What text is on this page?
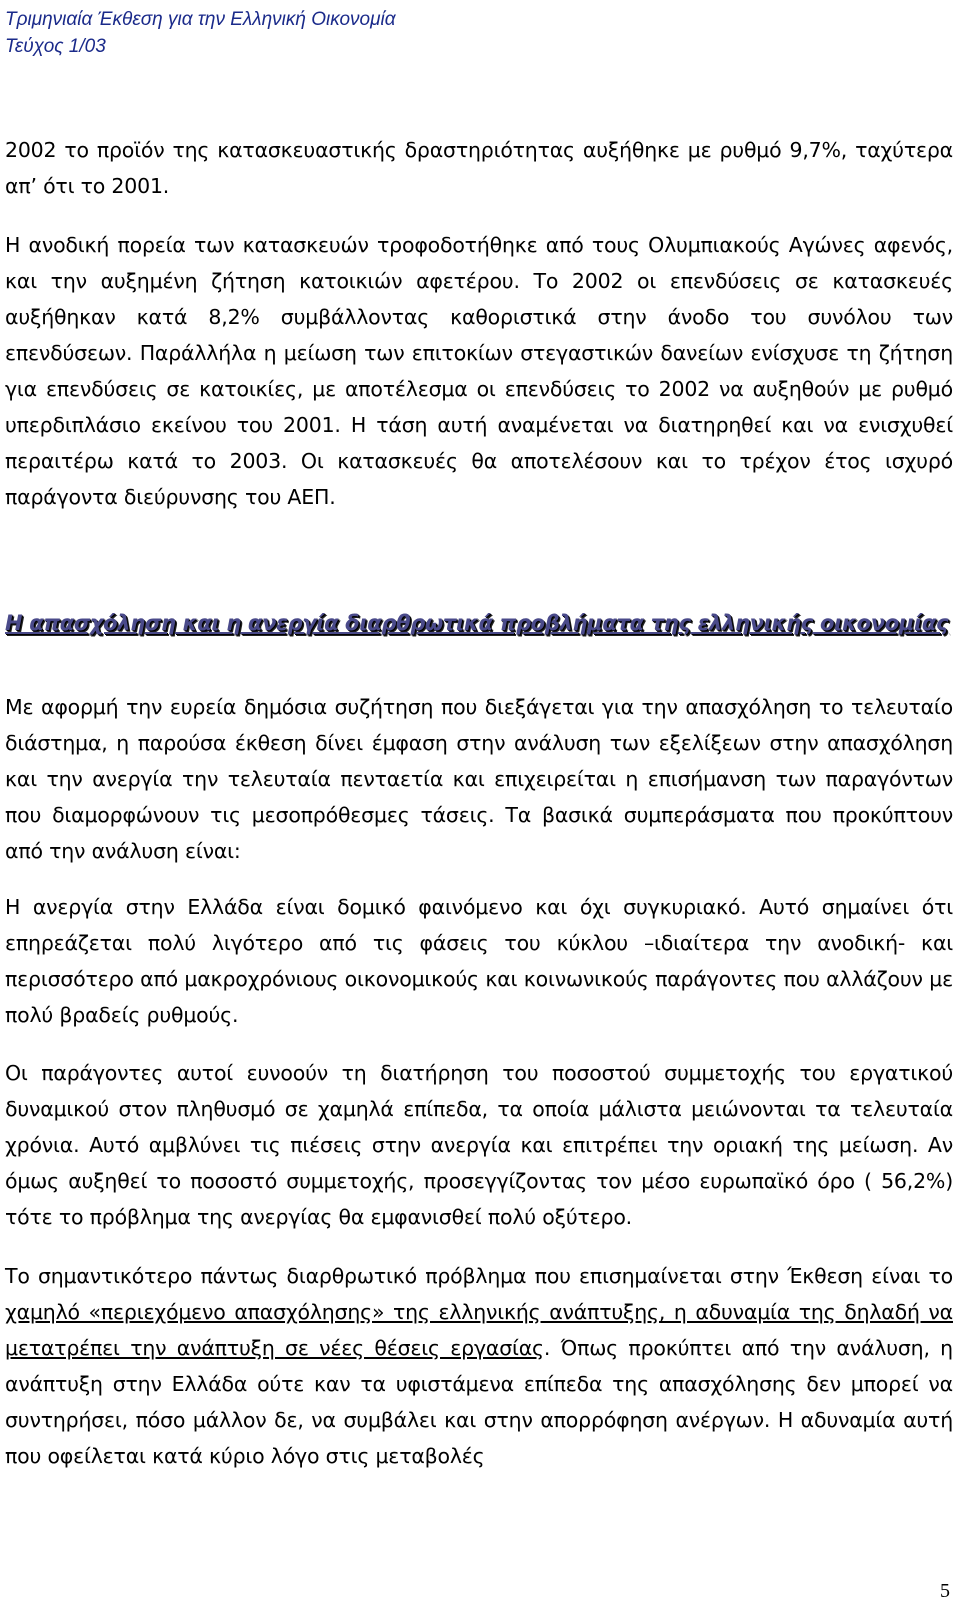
Τριμηνιαία Έκθεση για την Ελληνική Οικονομία
Τεύχος 1/03

2002 το προϊόν της κατασκευαστικής δραστηριότητας αυξήθηκε με ρυθμό 9,7%, ταχύτερα απ’ ότι το 2001.

Η ανοδική πορεία των κατασκευών τροφοδοτήθηκε από τους Ολυμπιακούς Αγώνες αφενός, και την αυξημένη ζήτηση κατοικιών αφετέρου. Το 2002 οι επενδύσεις σε κατασκευές αυξήθηκαν κατά 8,2% συμβάλλοντας καθοριστικά στην άνοδο του συνόλου των επενδύσεων. Παράλλήλα η μείωση των επιτοκίων στεγαστικών δανείων ενίσχυσε τη ζήτηση για επενδύσεις σε κατοικίες, με αποτέλεσμα οι επενδύσεις το 2002 να αυξηθούν με ρυθμό υπερδιπλάσιο εκείνου του 2001. Η τάση αυτή αναμένεται να διατηρηθεί και να ενισχυθεί περαιτέρω κατά το 2003. Οι κατασκευές θα αποτελέσουν και το τρέχον έτος ισχυρό παράγοντα διεύρυνσης του ΑΕΠ.

Η απασχόληση και η ανεργία διαρθρωτικά προβλήματα της ελληνικής οικονομίας

Με αφορμή την ευρεία δημόσια συζήτηση που διεξάγεται για την απασχόληση το τελευταίο διάστημα, η παρούσα έκθεση δίνει έμφαση στην ανάλυση των εξελίξεων στην απασχόληση και την ανεργία την τελευταία πενταετία και επιχειρείται η επισήμανση των παραγόντων που διαμορφώνουν τις μεσοπρόθεσμες τάσεις. Τα βασικά συμπεράσματα που προκύπτουν από την ανάλυση είναι:

Η ανεργία στην Ελλάδα είναι δομικό φαινόμενο και όχι συγκυριακό. Αυτό σημαίνει ότι επηρεάζεται πολύ λιγότερο από τις φάσεις του κύκλου –ιδιαίτερα την ανοδική- και περισσότερο από μακροχρόνιους οικονομικούς και κοινωνικούς παράγοντες που αλλάζουν με πολύ βραδείς ρυθμούς.

Οι παράγοντες αυτοί ευνοούν τη διατήρηση του ποσοστού συμμετοχής του εργατικού δυναμικού στον πληθυσμό σε χαμηλά επίπεδα, τα οποία μάλιστα μειώνονται τα τελευταία χρόνια. Αυτό αμβλύνει τις πιέσεις στην ανεργία και επιτρέπει την οριακή της μείωση. Αν όμως αυξηθεί το ποσοστό συμμετοχής, προσεγγίζοντας τον μέσο ευρωπαϊκό όρο ( 56,2%) τότε το πρόβλημα της ανεργίας θα εμφανισθεί πολύ οξύτερο.

Το σημαντικότερο πάντως διαρθρωτικό πρόβλημα που επισημαίνεται στην Έκθεση είναι το χαμηλό «περιεχόμενο απασχόλησης» της ελληνικής ανάπτυξης, η αδυναμία της δηλαδή να μετατρέπει την ανάπτυξη σε νέες θέσεις εργασίας. Όπως προκύπτει από την ανάλυση, η ανάπτυξη στην Ελλάδα ούτε καν τα υφιστάμενα επίπεδα της απασχόλησης δεν μπορεί να συντηρήσει, πόσο μάλλον δε, να συμβάλει και στην απορρόφηση ανέργων. Η αδυναμία αυτή που οφείλεται κατά κύριο λόγο στις μεταβολές

5
